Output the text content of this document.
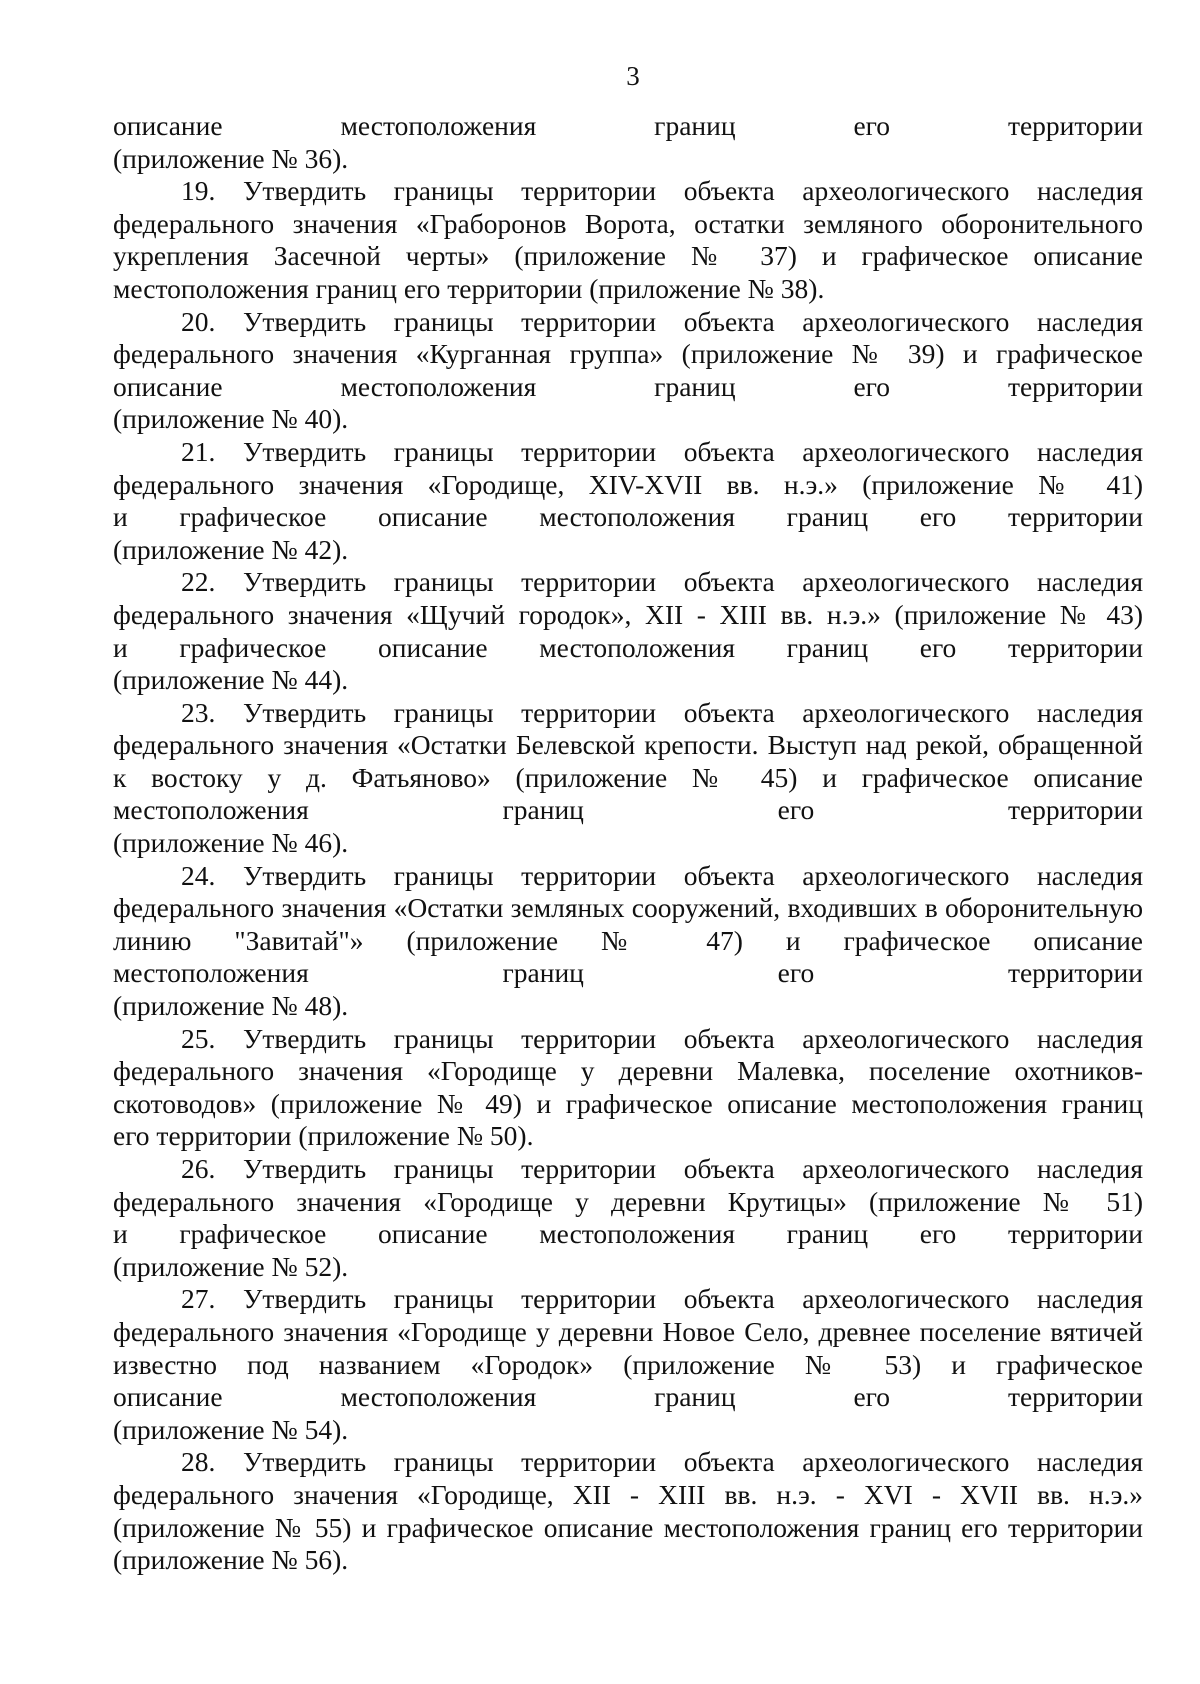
3

описание местоположения границ его территории
(приложение № 36).

19. Утвердить границы территории объекта археологического наследия федерального значения «Граборонов Ворота, остатки земляного оборонительного укрепления Засечной черты» (приложение № 37) и графическое описание
местоположения границ его территории (приложение № 38).

20. Утвердить границы территории объекта археологического наследия федерального значения «Курганная группа» (приложение № 39) и графическое
описание местоположения границ его территории
(приложение № 40).

21. Утвердить границы территории объекта археологического наследия федерального значения «Городище, XIV-XVII вв. н.э.» (приложение № 41)
и графическое описание местоположения границ его территории
(приложение № 42).

22. Утвердить границы территории объекта археологического наследия федерального значения «Щучий городок», XII - XIII вв. н.э.» (приложение № 43)
и графическое описание местоположения границ его территории
(приложение № 44).

23. Утвердить границы территории объекта археологического наследия федерального значения «Остатки Белевской крепости. Выступ над рекой, обращенной к востоку у д. Фатьяново» (приложение № 45) и графическое описание
местоположения границ его территории
(приложение № 46).

24. Утвердить границы территории объекта археологического наследия федерального значения «Остатки земляных сооружений, входивших в оборонительную линию "Завитай"» (приложение № 47) и графическое описание
местоположения границ его территории
(приложение № 48).

25. Утвердить границы территории объекта археологического наследия федерального значения «Городище у деревни Малевка, поселение охотников-скотоводов» (приложение № 49) и графическое описание местоположения границ
его территории (приложение № 50).

26. Утвердить границы территории объекта археологического наследия федерального значения «Городище у деревни Крутицы» (приложение № 51)
и графическое описание местоположения границ его территории
(приложение № 52).

27. Утвердить границы территории объекта археологического наследия федерального значения «Городище у деревни Новое Село, древнее поселение вятичей известно под названием «Городок» (приложение № 53) и графическое
описание местоположения границ его территории
(приложение № 54).

28. Утвердить границы территории объекта археологического наследия федерального значения «Городище, XII - XIII вв. н.э. - XVI - XVII вв. н.э.» (приложение № 55) и графическое описание местоположения границ его территории
(приложение № 56).
